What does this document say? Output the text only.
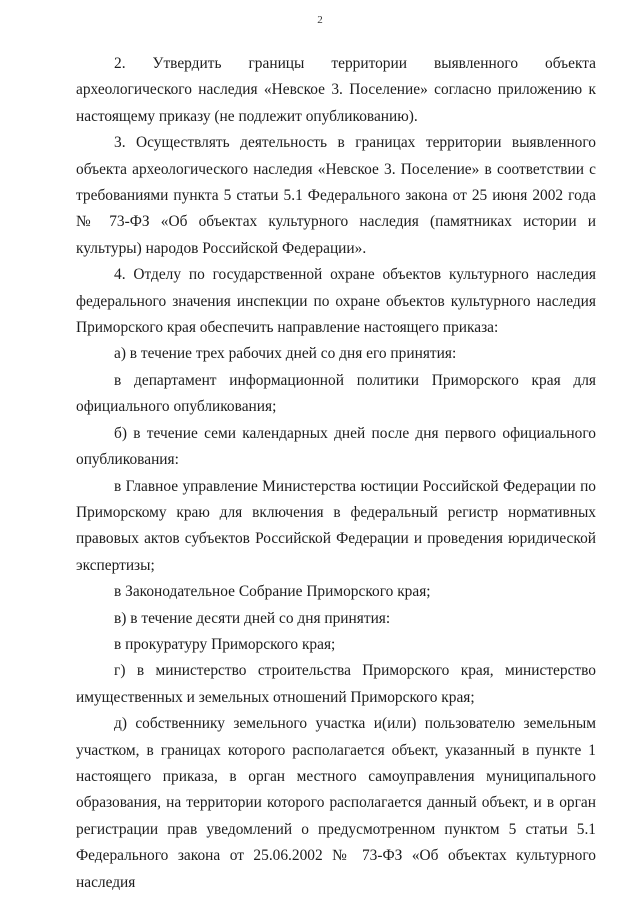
2

2. Утвердить границы территории выявленного объекта археологического наследия «Невское 3. Поселение» согласно приложению к настоящему приказу (не подлежит опубликованию).

3. Осуществлять деятельность в границах территории выявленного объекта археологического наследия «Невское 3. Поселение» в соответствии с требованиями пункта 5 статьи 5.1 Федерального закона от 25 июня 2002 года № 73-ФЗ «Об объектах культурного наследия (памятниках истории и культуры) народов Российской Федерации».

4. Отделу по государственной охране объектов культурного наследия федерального значения инспекции по охране объектов культурного наследия Приморского края обеспечить направление настоящего приказа:

а) в течение трех рабочих дней со дня его принятия:

в департамент информационной политики Приморского края для официального опубликования;

б) в течение семи календарных дней после дня первого официального опубликования:

в Главное управление Министерства юстиции Российской Федерации по Приморскому краю для включения в федеральный регистр нормативных правовых актов субъектов Российской Федерации и проведения юридической экспертизы;

в Законодательное Собрание Приморского края;

в) в течение десяти дней со дня принятия:

в прокуратуру Приморского края;

г) в министерство строительства Приморского края, министерство имущественных и земельных отношений Приморского края;

д) собственнику земельного участка и(или) пользователю земельным участком, в границах которого располагается объект, указанный в пункте 1 настоящего приказа, в орган местного самоуправления муниципального образования, на территории которого располагается данный объект, и в орган регистрации прав уведомлений о предусмотренном пунктом 5 статьи 5.1 Федерального закона от 25.06.2002 № 73-ФЗ «Об объектах культурного наследия
